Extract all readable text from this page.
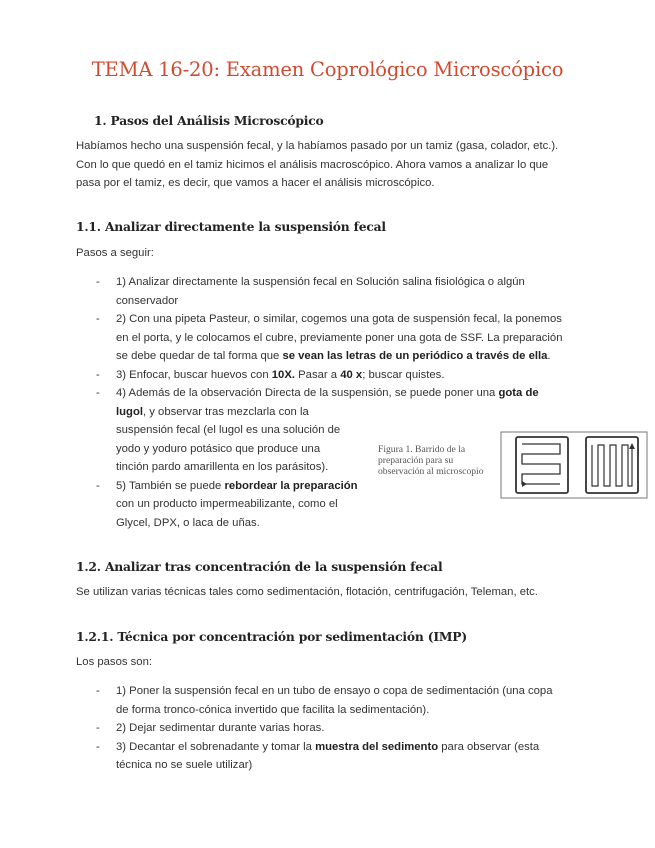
TEMA 16-20: Examen Coprológico Microscópico
1. Pasos del Análisis Microscópico
Habíamos hecho una suspensión fecal, y la habíamos pasado por un tamiz (gasa, colador, etc.).
Con lo que quedó en el tamiz hicimos el análisis macroscópico. Ahora vamos a analizar lo que
pasa por el tamiz, es decir, que vamos a hacer el análisis microscópico.
1.1. Analizar directamente la suspensión fecal
Pasos a seguir:
- 1) Analizar directamente la suspensión fecal en Solución salina fisiológica o algún
conservador
- 2) Con una pipeta Pasteur, o similar, cogemos una gota de suspensión fecal, la ponemos
en el porta, y le colocamos el cubre, previamente poner una gota de SSF. La preparación
se debe quedar de tal forma que se vean las letras de un periódico a través de ella.
- 3) Enfocar, buscar huevos con 10X. Pasar a 40 x; buscar quistes.
- 4) Además de la observación Directa de la suspensión, se puede poner una gota de
lugol, y observar tras mezclarla con la
suspensión fecal (el lugol es una solución de
yodo y yoduro potásico que produce una
tinción pardo amarillenta en los parásitos).
- 5) También se puede rebordear la preparación
con un producto impermeabilizante, como el
Glycel, DPX, o laca de uñas.
Figura 1. Barrido de la
preparación para su
observación al microscopio
1.2. Analizar tras concentración de la suspensión fecal
Se utilizan varias técnicas tales como sedimentación, flotación, centrifugación, Teleman, etc.
1.2.1. Técnica por concentración por sedimentación (IMP)
Los pasos son:
- 1) Poner la suspensión fecal en un tubo de ensayo o copa de sedimentación (una copa
de forma tronco-cónica invertido que facilita la sedimentación).
- 2) Dejar sedimentar durante varias horas.
- 3) Decantar el sobrenadante y tomar la muestra del sedimento para observar (esta
técnica no se suele utilizar)
